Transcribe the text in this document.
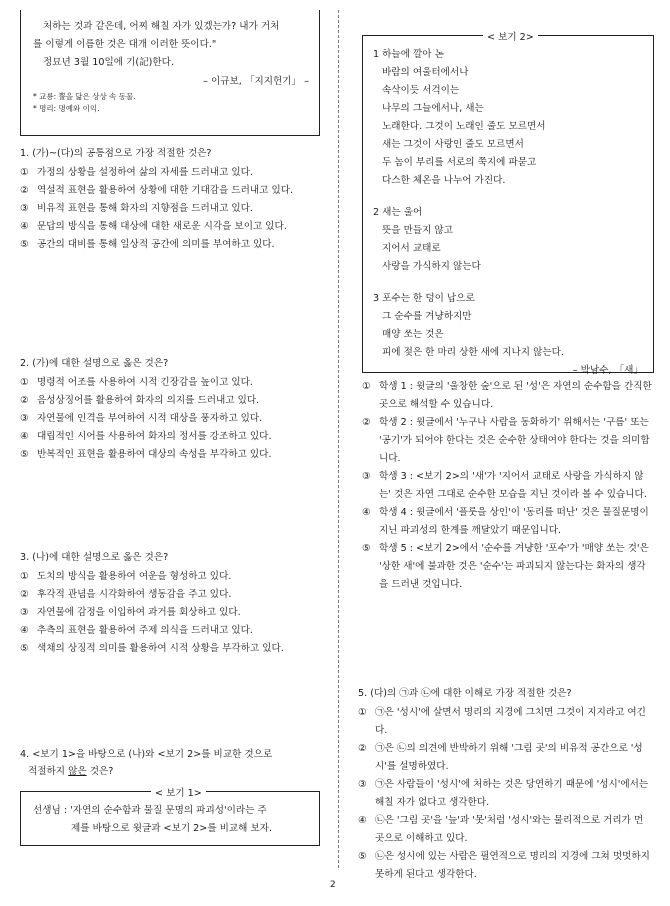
처하는 것과 같은데, 어찌 해칠 자가 있겠는가? 내가 거처

를 이렇게 이름한 것은 대개 이러한 뜻이다."

정묘년 3월 10일에 기(記)한다.

– 이규보, 「지지헌기」 –

* 교룡: 뿔을 닮은 상상 속 동물.

* 명리: 명예와 이익.

1. (가)~(다)의 공통점으로 가장 적절한 것은?
① 가정의 상황을 설정하여 삶의 자세를 드러내고 있다.
② 역설적 표현을 활용하여 상황에 대한 기대감을 드러내고 있다.
③ 비유적 표현을 통해 화자의 지향점을 드러내고 있다.
④ 문답의 방식을 통해 대상에 대한 새로운 시각을 보이고 있다.
⑤ 공간의 대비를 통해 일상적 공간에 의미를 부여하고 있다.
2. (가)에 대한 설명으로 옳은 것은?
① 명령적 어조를 사용하여 시적 긴장감을 높이고 있다.
② 음성상징어를 활용하여 화자의 의지를 드러내고 있다.
③ 자연물에 인격을 부여하여 시적 대상을 풍자하고 있다.
④ 대립적인 시어를 사용하여 화자의 정서를 강조하고 있다.
⑤ 반복적인 표현을 활용하여 대상의 속성을 부각하고 있다.
3. (나)에 대한 설명으로 옳은 것은?
① 도치의 방식을 활용하여 여운을 형성하고 있다.
② 후각적 관념을 시각화하여 생동감을 주고 있다.
③ 자연물에 감정을 이입하여 과거를 회상하고 있다.
④ 추측의 표현을 활용하여 주제 의식을 드러내고 있다.
⑤ 색채의 상징적 의미를 활용하여 시적 상황을 부각하고 있다.
4. <보기 1>을 바탕으로 (나)와 <보기 2>를 비교한 것으로
적절하지 않은 것은?
< 보기 1>
선생님 : '자연의 순수함과 물질 문명의 파괴성'이라는 주
제를 바탕으로 윗글과 <보기 2>를 비교해 보자.
< 보기 2>
1 하늘에 깔아 논
바람의 여울터에서나
속삭이듯 서걱이는
나무의 그늘에서나, 새는
노래한다. 그것이 노래인 줄도 모르면서
새는 그것이 사랑인 줄도 모르면서
두 놈이 부리를 서로의 쭉지에 파묻고
다스한 체온을 나누어 가진다.
2 새는 울어
뜻을 만들지 않고
지어서 교태로
사랑을 가식하지 않는다
3 포수는 한 덩이 납으로
그 순수를 겨냥하지만
매양 쏘는 것은
피에 젖은 한 마리 상한 새에 지나지 않는다.
– 박남수, 「새」
① 학생 1 : 윗글의 '울창한 숲'으로 된 '성'은 자연의 순수함을 간직한 곳으로 해석할 수 있습니다.
② 학생 2 : 윗글에서 '누구나 사람을 동화하기' 위해서는 '구름' 또는 '공기'가 되어야 한다는 것은 순수한 상태여야 한다는 것을 의미합니다.
③ 학생 3 : <보기 2>의 '새'가 '지어서 교태로 사랑을 가식하지 않는' 것은 자연 그대로 순수한 모습을 지닌 것이라 볼 수 있습니다.
④ 학생 4 : 윗글에서 '플룻을 상인'이 '동리를 떠난' 것은 물질문명이 지닌 파괴성의 한계를 깨달았기 때문입니다.
⑤ 학생 5 : <보기 2>에서 '순수를 겨냥한 '포수'가 '매양 쏘는 것'은 '상한 새'에 불과한 것은 '순수'는 파괴되지 않는다는 화자의 생각을 드러낸 것입니다.
5. (다)의 ㉠과 ㉡에 대한 이해로 가장 적절한 것은?
① ㉠은 '성시'에 살면서 명리의 지경에 그치면 그것이 지지라고 여긴다.
② ㉠은 ㉡의 의견에 반박하기 위해 '그림 곳'의 비유적 공간으로 '성시'를 설명하였다.
③ ㉠은 사람들이 '성시'에 처하는 것은 당연하기 때문에 '성시'에서는 해칠 자가 없다고 생각한다.
④ ㉡은 '그림 곳'을 '늪'과 '못'처럼 '성시'와는 물리적으로 거리가 먼 곳으로 이해하고 있다.
⑤ ㉡은 성시에 있는 사람은 필연적으로 명리의 지경에 그쳐 멋멋하지 못하게 된다고 생각한다.
2
